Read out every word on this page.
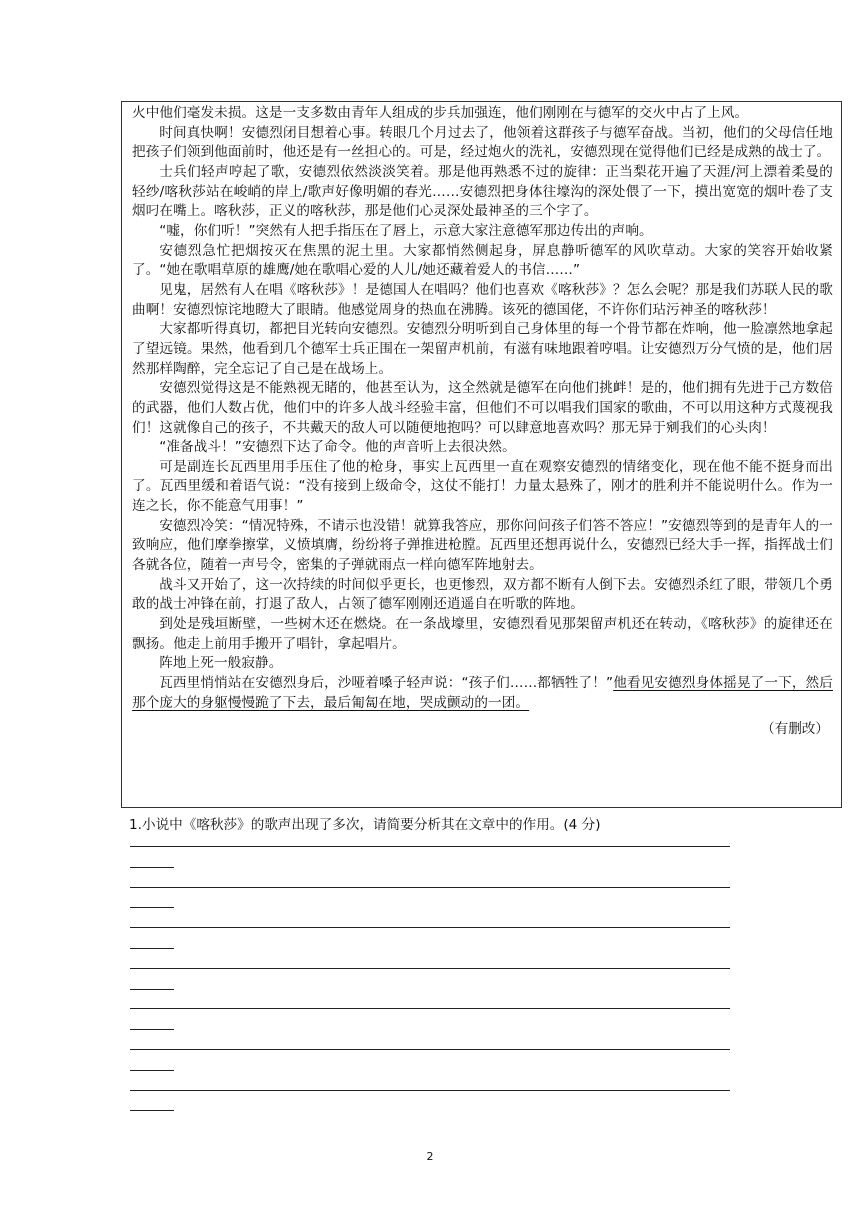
火中他们毫发未损。这是一支多数由青年人组成的步兵加强连，他们刚刚在与德军的交火中占了上风。

时间真快啊！安德烈闭目想着心事。转眼几个月过去了，他领着这群孩子与德军奋战。当初，他们的父母信任地把孩子们领到他面前时，他还是有一丝担心的。可是，经过炮火的洗礼，安德烈现在觉得他们已经是成熟的战士了。

士兵们轻声哼起了歌，安德烈依然淡淡笑着。那是他再熟悉不过的旋律：正当梨花开遍了天涯/河上漂着柔曼的轻纱/喀秋莎站在峻峭的岸上/歌声好像明媚的春光……安德烈把身体往壕沟的深处偎了一下，摸出宽宽的烟叶卷了支烟叼在嘴上。喀秋莎，正义的喀秋莎，那是他们心灵深处最神圣的三个字了。

“嘘，你们听！”突然有人把手指压在了唇上，示意大家注意德军那边传出的声响。

安德烈急忙把烟按灭在焦黑的泥土里。大家都悄然侧起身，屏息静听德军的风吹草动。大家的笑容开始收紧了。“她在歌唱草原的雄鹰/她在歌唱心爱的人儿/她还藏着爱人的书信……”

见鬼，居然有人在唱《喀秋莎》！是德国人在唱吗？他们也喜欢《喀秋莎》？怎么会呢？那是我们苏联人民的歌曲啊！安德烈惊诧地瞪大了眼睛。他感觉周身的热血在沸腾。该死的德国佬，不许你们玷污神圣的喀秋莎！

大家都听得真切，都把目光转向安德烈。安德烈分明听到自己身体里的每一个骨节都在炸响，他一脸凛然地拿起了望远镜。果然，他看到几个德军士兵正围在一架留声机前，有滋有味地跟着哼唱。让安德烈万分气愤的是，他们居然那样陶醉，完全忘记了自己是在战场上。

安德烈觉得这是不能熟视无睹的，他甚至认为，这全然就是德军在向他们挑衅！是的，他们拥有先进于己方数倍的武器，他们人数占优，他们中的许多人战斗经验丰富，但他们不可以唱我们国家的歌曲，不可以用这种方式蔑视我们！这就像自己的孩子，不共戴天的敌人可以随便地抱吗？可以肆意地喜欢吗？那无异于剜我们的心头肉！

“准备战斗！”安德烈下达了命令。他的声音听上去很决然。

可是副连长瓦西里用手压住了他的枪身，事实上瓦西里一直在观察安德烈的情绪变化，现在他不能不挺身而出了。瓦西里缓和着语气说：“没有接到上级命令，这仗不能打！力量太悬殊了，刚才的胜利并不能说明什么。作为一连之长，你不能意气用事！”

安德烈冷笑：“情况特殊，不请示也没错！就算我答应，那你问问孩子们答不答应！”安德烈等到的是青年人的一致响应，他们摩拳擦掌，义愤填膺，纷纷将子弹推进枪膛。瓦西里还想再说什么，安德烈已经大手一挥，指挥战士们各就各位，随着一声号令，密集的子弹就雨点一样向德军阵地射去。

战斗又开始了，这一次持续的时间似乎更长，也更惨烈，双方都不断有人倒下去。安德烈杀红了眼，带领几个勇敢的战士冲锋在前，打退了敌人，占领了德军刚刚还逍遥自在听歌的阵地。

到处是残垣断壁，一些树木还在燃烧。在一条战壕里，安德烈看见那架留声机还在转动，《喀秋莎》的旋律还在飘扬。他走上前用手搬开了唱针，拿起唱片。

阵地上死一般寂静。

瓦西里悄悄站在安德烈身后，沙哑着嗓子轻声说：“孩子们……都牺牲了！”他看见安德烈身体摇晃了一下，然后那个庞大的身躯慢慢跪了下去，最后匍匐在地，哭成颤动的一团。

（有删改）
1.小说中《喀秋莎》的歌声出现了多次，请简要分析其在文章中的作用。(4 分)
2
